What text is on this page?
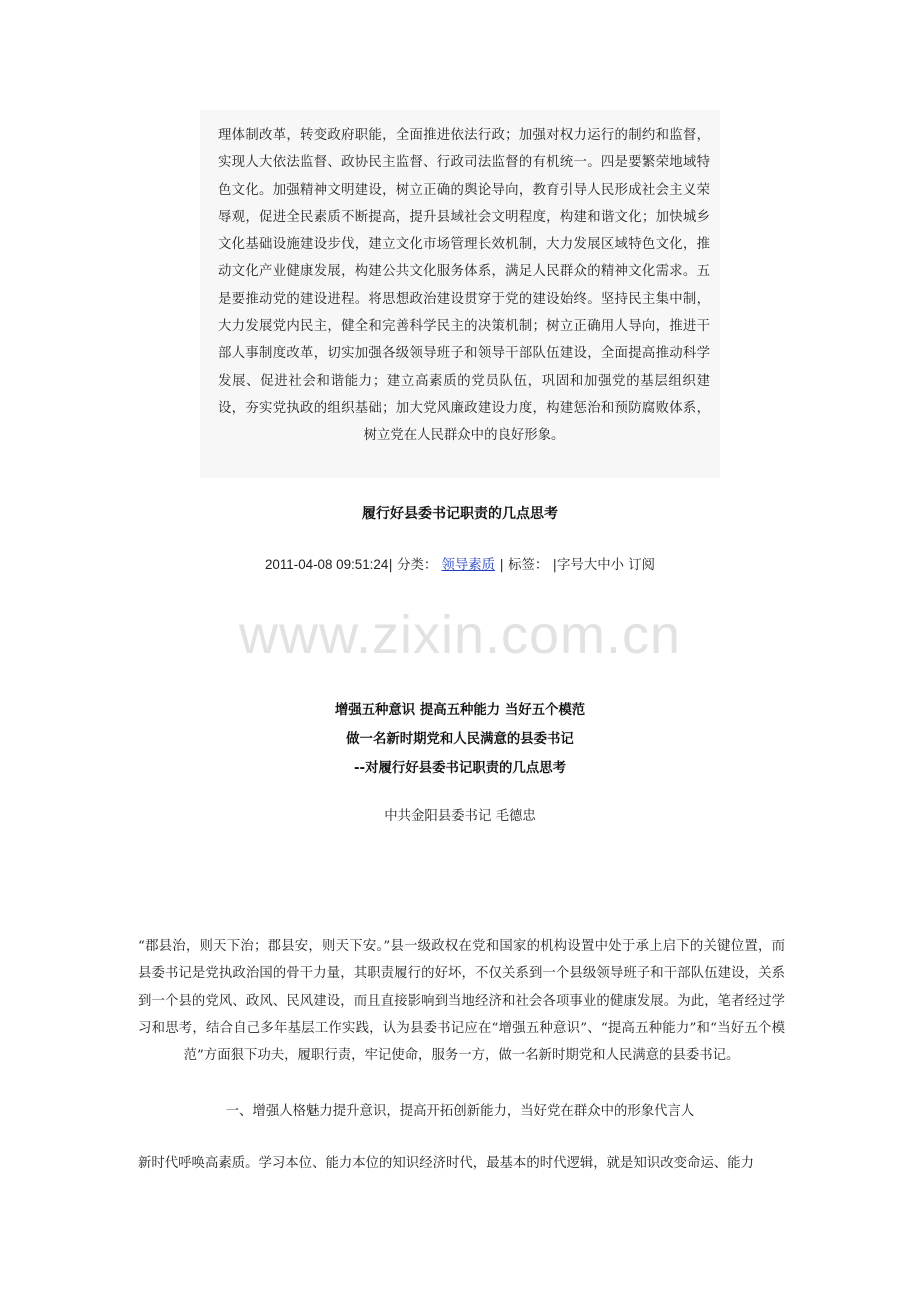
理体制改革，转变政府职能，全面推进依法行政；加强对权力运行的制约和监督，实现人大依法监督、政协民主监督、行政司法监督的有机统一。四是要繁荣地域特色文化。加强精神文明建设，树立正确的舆论导向，教育引导人民形成社会主义荣辱观，促进全民素质不断提高，提升县域社会文明程度，构建和谐文化；加快城乡文化基础设施建设步伐，建立文化市场管理长效机制，大力发展区域特色文化，推动文化产业健康发展，构建公共文化服务体系，满足人民群众的精神文化需求。五是要推动党的建设进程。将思想政治建设贯穿于党的建设始终。坚持民主集中制，大力发展党内民主，健全和完善科学民主的决策机制；树立正确用人导向，推进干部人事制度改革，切实加强各级领导班子和领导干部队伍建设，全面提高推动科学发展、促进社会和谐能力；建立高素质的党员队伍，巩固和加强党的基层组织建设，夯实党执政的组织基础；加大党风廉政建设力度，构建惩治和预防腐败体系，树立党在人民群众中的良好形象。

履行好县委书记职责的几点思考
2011-04-08 09:51:24| 分类： 领导素质 | 标签： |字号大中小 订阅
www.zixin.com.cn
增强五种意识 提高五种能力 当好五个模范
做一名新时期党和人民满意的县委书记
--对履行好县委书记职责的几点思考
中共金阳县委书记 毛德忠

“郡县治，则天下治；郡县安，则天下安。”县一级政权在党和国家的机构设置中处于承上启下的关键位置，而县委书记是党执政治国的骨干力量，其职责履行的好坏，不仅关系到一个县级领导班子和干部队伍建设，关系到一个县的党风、政风、民风建设，而且直接影响到当地经济和社会各项事业的健康发展。为此，笔者经过学习和思考，结合自己多年基层工作实践，认为县委书记应在“增强五种意识”、“提高五种能力”和“当好五个模范”方面狠下功夫，履职行责，牢记使命，服务一方，做一名新时期党和人民满意的县委书记。

一、增强人格魅力提升意识，提高开拓创新能力，当好党在群众中的形象代言人

新时代呼唤高素质。学习本位、能力本位的知识经济时代，最基本的时代逻辑，就是知识改变命运、能力
